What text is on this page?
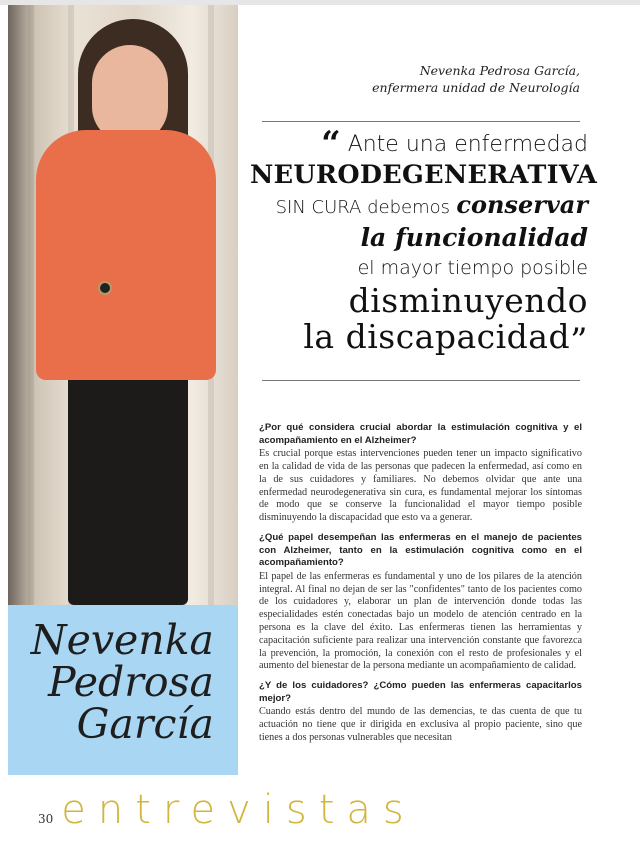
Nevenka
Pedrosa
García
30 entrevistas
Nevenka Pedrosa García,
enfermera unidad de Neurología
“ Ante una enfermedad
NEURODEGENERATIVA
SIN CURA debemos conservar
la funcionalidad
el mayor tiempo posible
disminuyendo
la discapacidad”
¿Por qué considera crucial abordar la estimulación cognitiva y el acompañamiento en el Alzheimer?
Es crucial porque estas intervenciones pueden tener un impacto significativo en la calidad de vida de las personas que padecen la enfermedad, así como en la de sus cuidadores y familiares. No debemos olvidar que ante una enfermedad neurodegenerativa sin cura, es fundamental mejorar los síntomas de modo que se conserve la funcionalidad el mayor tiempo posible disminuyendo la discapacidad que esto va a generar.
¿Qué papel desempeñan las enfermeras en el manejo de pacientes con Alzheimer, tanto en la estimulación cognitiva como en el acompañamiento?
El papel de las enfermeras es fundamental y uno de los pilares de la atención integral. Al final no dejan de ser las "confidentes" tanto de los pacientes como de los cuidadores y, elaborar un plan de intervención donde todas las especialidades estén conectadas bajo un modelo de atención centrado en la persona es la clave del éxito. Las enfermeras tienen las herramientas y capacitación suficiente para realizar una intervención constante que favorezca la prevención, la promoción, la conexión con el resto de profesionales y el aumento del bienestar de la persona mediante un acompañamiento de calidad.
¿Y de los cuidadores? ¿Cómo pueden las enfermeras capacitarlos mejor?
Cuando estás dentro del mundo de las demencias, te das cuenta de que tu actuación no tiene que ir dirigida en exclusiva al propio paciente, sino que tienes a dos personas vulnerables que necesitan
